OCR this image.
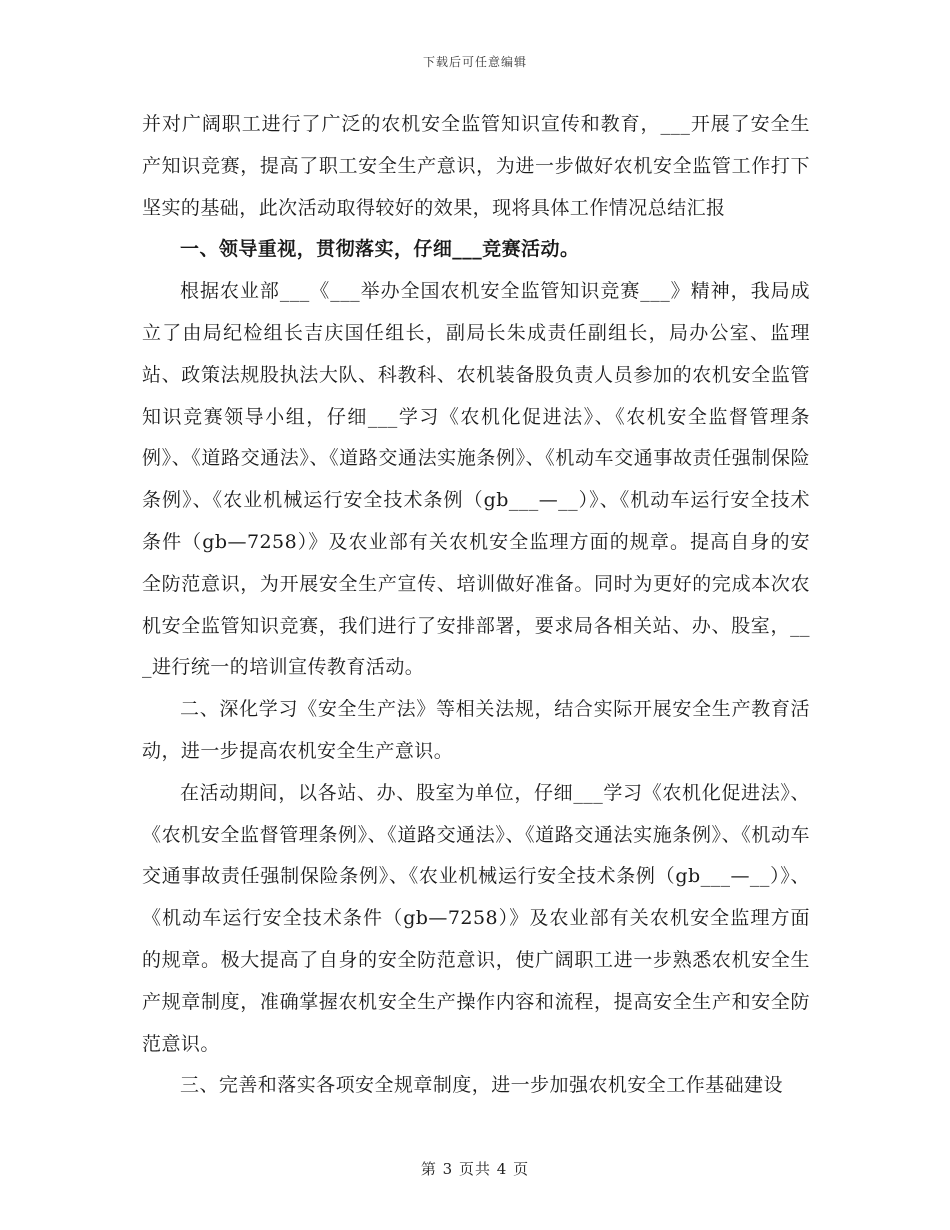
下载后可任意编辑

并对广阔职工进行了广泛的农机安全监管知识宣传和教育，___开展了安全生产知识竞赛，提高了职工安全生产意识，为进一步做好农机安全监管工作打下坚实的基础，此次活动取得较好的效果，现将具体工作情况总结汇报

一、领导重视，贯彻落实，仔细___竞赛活动。

根据农业部___《___举办全国农机安全监管知识竞赛___》精神，我局成立了由局纪检组长吉庆国任组长，副局长朱成责任副组长，局办公室、监理站、政策法规股执法大队、科教科、农机装备股负责人员参加的农机安全监管知识竞赛领导小组，仔细___学习《农机化促进法》、《农机安全监督管理条例》、《道路交通法》、《道路交通法实施条例》、《机动车交通事故责任强制保险条例》、《农业机械运行安全技术条例（gb___—__）》、《机动车运行安全技术条件（gb—7258）》及农业部有关农机安全监理方面的规章。提高自身的安全防范意识，为开展安全生产宣传、培训做好准备。同时为更好的完成本次农机安全监管知识竞赛，我们进行了安排部署，要求局各相关站、办、股室，___进行统一的培训宣传教育活动。

二、深化学习《安全生产法》等相关法规，结合实际开展安全生产教育活动，进一步提高农机安全生产意识。

在活动期间，以各站、办、股室为单位，仔细___学习《农机化促进法》、《农机安全监督管理条例》、《道路交通法》、《道路交通法实施条例》、《机动车交通事故责任强制保险条例》、《农业机械运行安全技术条例（gb___—__）》、《机动车运行安全技术条件（gb—7258）》及农业部有关农机安全监理方面的规章。极大提高了自身的安全防范意识，使广阔职工进一步熟悉农机安全生产规章制度，准确掌握农机安全生产操作内容和流程，提高安全生产和安全防范意识。

三、完善和落实各项安全规章制度，进一步加强农机安全工作基础建设

第 3 页共 4 页
